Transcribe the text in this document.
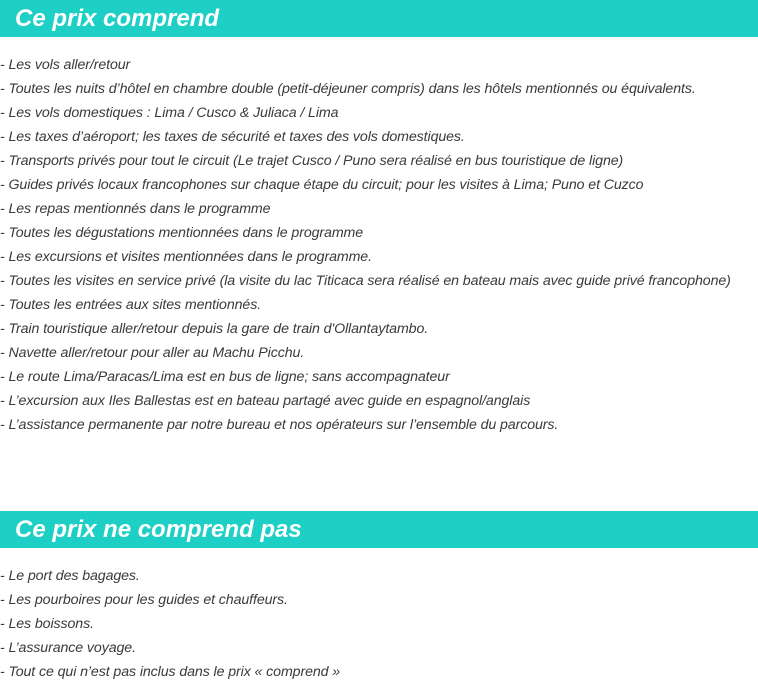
Ce prix comprend
- Les vols aller/retour
- Toutes les nuits d’hôtel en chambre double (petit-déjeuner compris) dans les hôtels mentionnés ou équivalents.
- Les vols domestiques : Lima / Cusco & Juliaca / Lima
- Les taxes d’aéroport; les taxes de sécurité et taxes des vols domestiques.
- Transports privés pour tout le circuit (Le trajet Cusco / Puno sera réalisé en bus touristique de ligne)
- Guides privés locaux francophones sur chaque étape du circuit; pour les visites à Lima; Puno et Cuzco
- Les repas mentionnés dans le programme
- Toutes les dégustations mentionnées dans le programme
- Les excursions et visites mentionnées dans le programme.
- Toutes les visites en service privé (la visite du lac Titicaca sera réalisé en bateau mais avec guide privé francophone)
- Toutes les entrées aux sites mentionnés.
- Train touristique aller/retour depuis la gare de train d'Ollantaytambo.
- Navette aller/retour pour aller au Machu Picchu.
- Le route Lima/Paracas/Lima est en bus de ligne; sans accompagnateur
- L’excursion aux Iles Ballestas est en bateau partagé avec guide en espagnol/anglais
- L’assistance permanente par notre bureau et nos opérateurs sur l’ensemble du parcours.
Ce prix ne comprend pas
- Le port des bagages.
- Les pourboires pour les guides et chauffeurs.
- Les boissons.
- L’assurance voyage.
- Tout ce qui n’est pas inclus dans le prix « comprend »
